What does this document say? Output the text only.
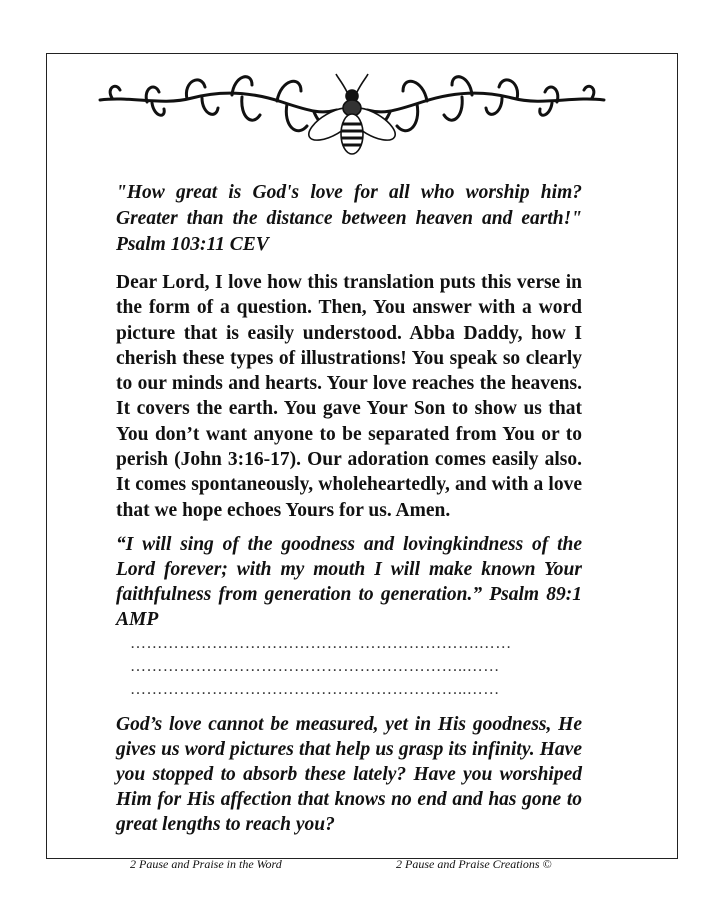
"How great is God's love for all who worship him? Greater than the distance between heaven and earth!" Psalm 103:11 CEV

Dear Lord, I love how this translation puts this verse in the form of a question. Then, You answer with a word picture that is easily understood. Abba Daddy, how I cherish these types of illustrations! You speak so clearly to our minds and hearts. Your love reaches the heavens. It covers the earth. You gave Your Son to show us that You don’t want anyone to be separated from You or to perish (John 3:16-17). Our adoration comes easily also. It comes spontaneously, wholeheartedly, and with a love that we hope echoes Yours for us. Amen.

“I will sing of the goodness and lovingkindness of the Lord forever; with my mouth I will make known Your faithfulness from generation to generation.” Psalm 89:1 AMP

……………………………………………………….……
……………………………………………………..……
……………………………………………………..……

God’s love cannot be measured, yet in His goodness, He gives us word pictures that help us grasp its infinity. Have you stopped to absorb these lately? Have you worshiped Him for His affection that knows no end and has gone to great lengths to reach you?

2 Pause and Praise in the Word	2 Pause and Praise Creations ©
